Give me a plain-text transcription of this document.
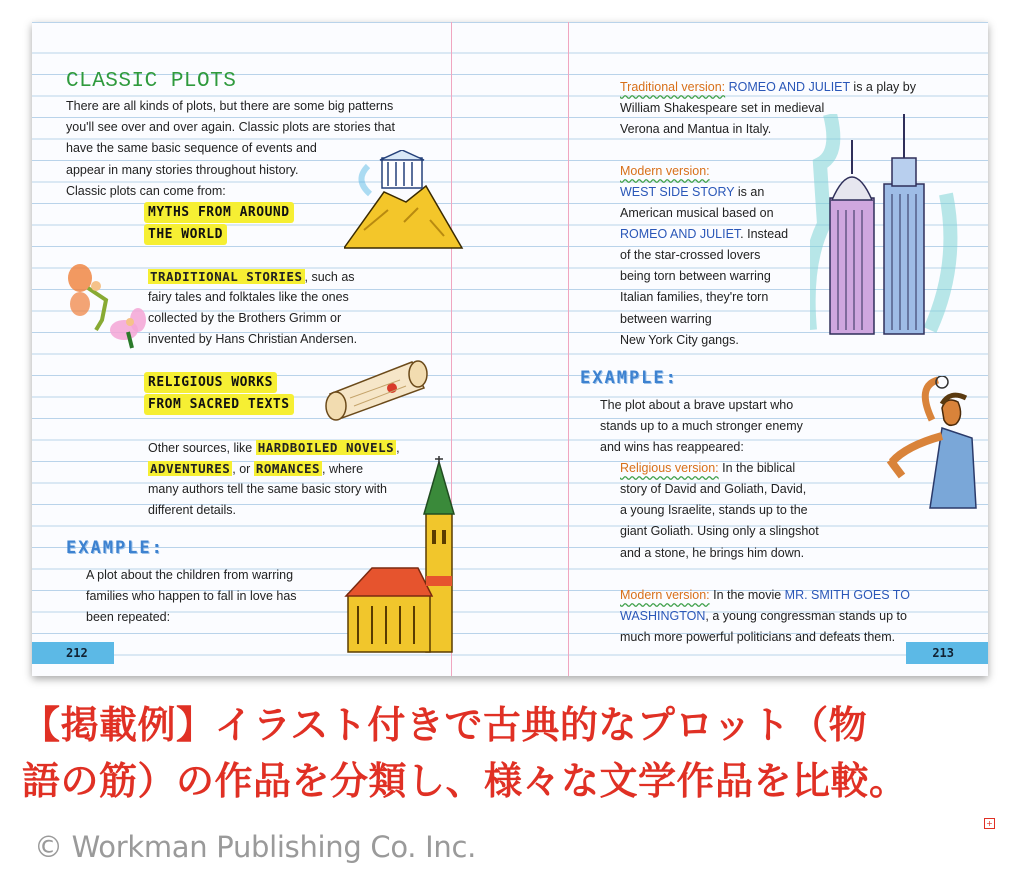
CLASSIC PLOTS
There are all kinds of plots, but there are some big patterns
you'll see over and over again. Classic plots are stories that
have the same basic sequence of events and
appear in many stories throughout history.
Classic plots can come from:
MYTHS FROM AROUND
THE WORLD
TRADITIONAL STORIES , such as
fairy tales and folktales like the ones
collected by the Brothers Grimm or
invented by Hans Christian Andersen.
RELIGIOUS WORKS
FROM SACRED TEXTS
Other sources, like HARDBOILED NOVELS ,
ADVENTURES , or ROMANCES , where
many authors tell the same basic story with
different details.
EXAMPLE:
A plot about the children from warring
families who happen to fall in love has
been repeated:
212
Traditional version: ROMEO AND JULIET is a play by
William Shakespeare set in medieval
Verona and Mantua in Italy.
Modern version:
WEST SIDE STORY is an
American musical based on
ROMEO AND JULIET. Instead
of the star-crossed lovers
being torn between warring
Italian families, they're torn
between warring
New York City gangs.
EXAMPLE:
The plot about a brave upstart who
stands up to a much stronger enemy
and wins has reappeared:
Religious version: In the biblical
story of David and Goliath, David,
a young Israelite, stands up to the
giant Goliath. Using only a slingshot
and a stone, he brings him down.
Modern version: In the movie MR. SMITH GOES TO
WASHINGTON, a young congressman stands up to
much more powerful politicians and defeats them.
213
【掲載例】イラスト付きで古典的なプロット（物
語の筋）の作品を分類し、様々な文学作品を比較。
+
© Workman Publishing Co. Inc.
